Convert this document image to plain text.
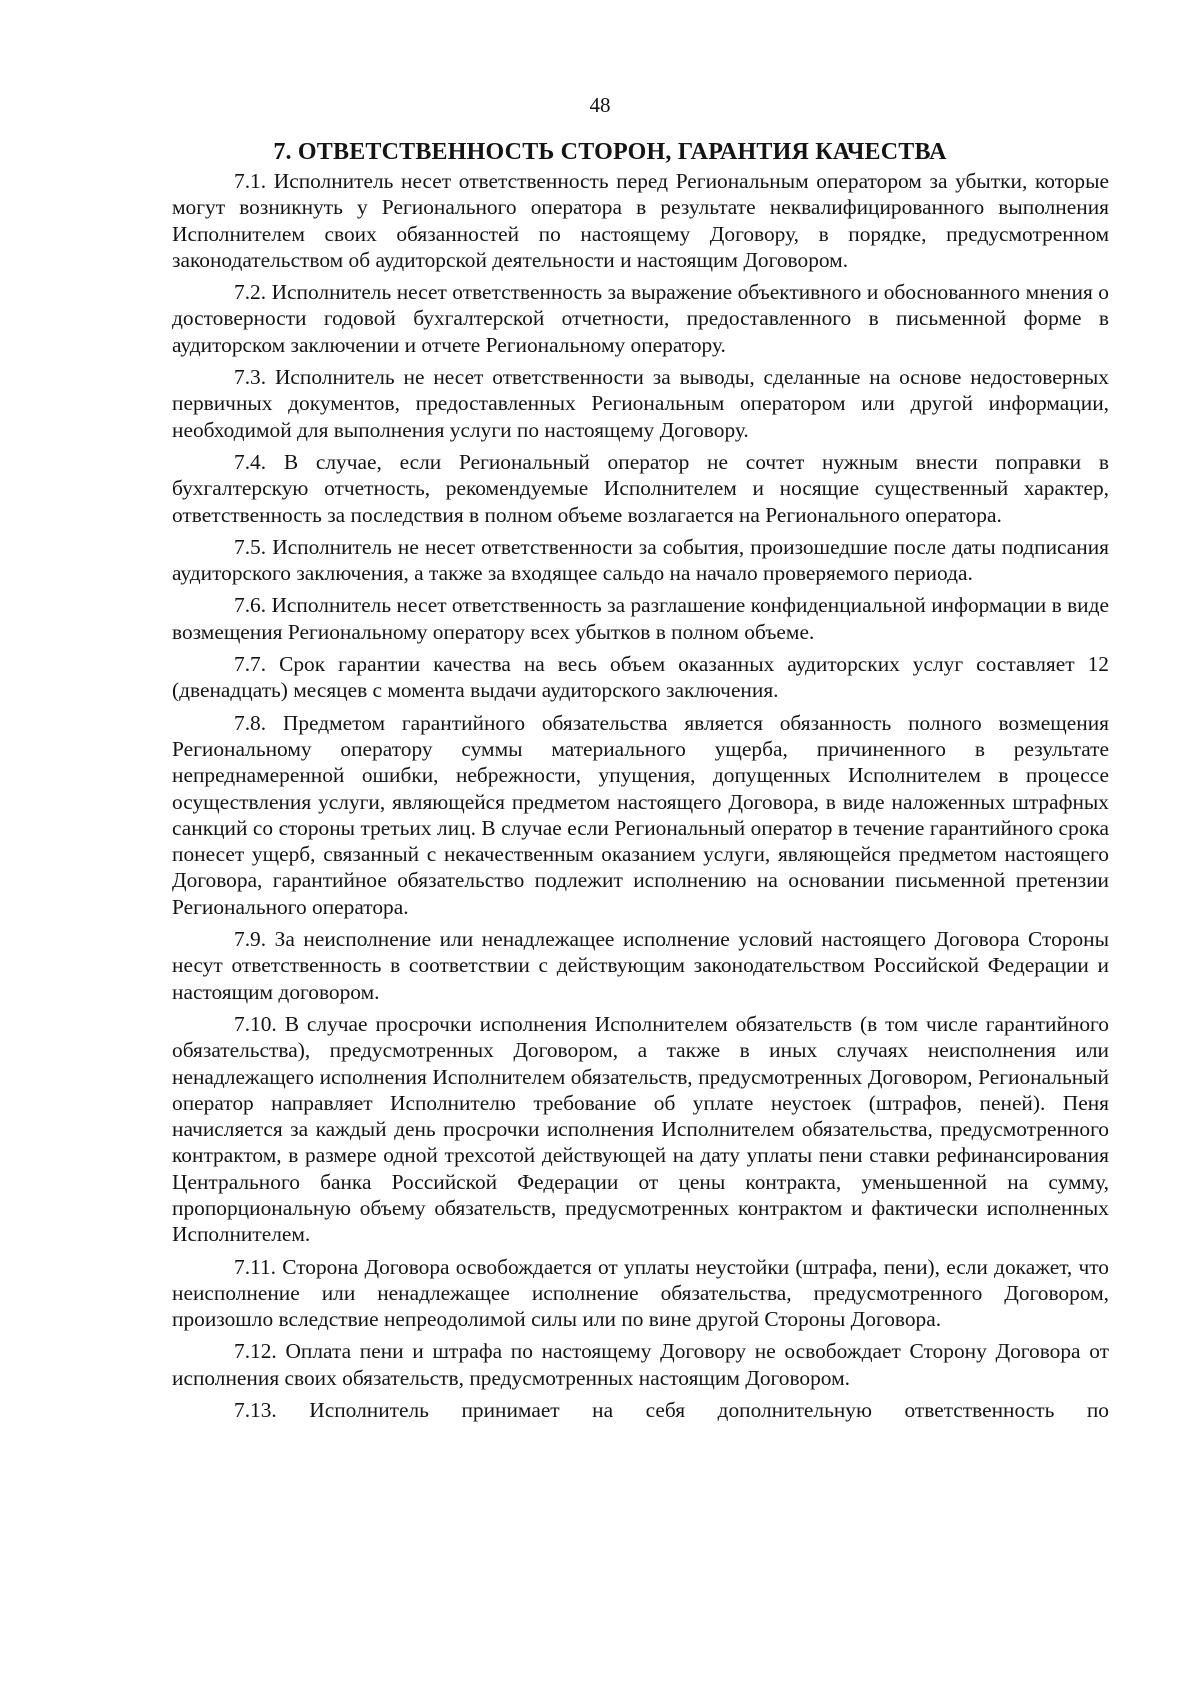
48
7. ОТВЕТСТВЕННОСТЬ СТОРОН, ГАРАНТИЯ КАЧЕСТВА

7.1. Исполнитель несет ответственность перед Региональным оператором за убытки, которые могут возникнуть у Регионального оператора в результате неквалифицированного выполнения Исполнителем своих обязанностей по настоящему Договору, в порядке, предусмотренном законодательством об аудиторской деятельности и настоящим Договором.

7.2. Исполнитель несет ответственность за выражение объективного и обоснованного мнения о достоверности годовой бухгалтерской отчетности, предоставленного в письменной форме в аудиторском заключении и отчете Региональному оператору.

7.3. Исполнитель не несет ответственности за выводы, сделанные на основе недостоверных первичных документов, предоставленных Региональным оператором или другой информации, необходимой для выполнения услуги по настоящему Договору.

7.4. В случае, если Региональный оператор не сочтет нужным внести поправки в бухгалтерскую отчетность, рекомендуемые Исполнителем и носящие существенный характер, ответственность за последствия в полном объеме возлагается на Регионального оператора.

7.5. Исполнитель не несет ответственности за события, произошедшие после даты подписания аудиторского заключения, а также за входящее сальдо на начало проверяемого периода.

7.6. Исполнитель несет ответственность за разглашение конфиденциальной информации в виде возмещения Региональному оператору всех убытков в полном объеме.

7.7. Срок гарантии качества на весь объем оказанных аудиторских услуг составляет 12 (двенадцать) месяцев с момента выдачи аудиторского заключения.

7.8. Предметом гарантийного обязательства является обязанность полного возмещения Региональному оператору суммы материального ущерба, причиненного в результате непреднамеренной ошибки, небрежности, упущения, допущенных Исполнителем в процессе осуществления услуги, являющейся предметом настоящего Договора, в виде наложенных штрафных санкций со стороны третьих лиц. В случае если Региональный оператор в течение гарантийного срока понесет ущерб, связанный с некачественным оказанием услуги, являющейся предметом настоящего Договора, гарантийное обязательство подлежит исполнению на основании письменной претензии Регионального оператора.

7.9. За неисполнение или ненадлежащее исполнение условий настоящего Договора Стороны несут ответственность в соответствии с действующим законодательством Российской Федерации и настоящим договором.

7.10. В случае просрочки исполнения Исполнителем обязательств (в том числе гарантийного обязательства), предусмотренных Договором, а также в иных случаях неисполнения или ненадлежащего исполнения Исполнителем обязательств, предусмотренных Договором, Региональный оператор направляет Исполнителю требование об уплате неустоек (штрафов, пеней). Пеня начисляется за каждый день просрочки исполнения Исполнителем обязательства, предусмотренного контрактом, в размере одной трехсотой действующей на дату уплаты пени ставки рефинансирования Центрального банка Российской Федерации от цены контракта, уменьшенной на сумму, пропорциональную объему обязательств, предусмотренных контрактом и фактически исполненных Исполнителем.

7.11. Сторона Договора освобождается от уплаты неустойки (штрафа, пени), если докажет, что неисполнение или ненадлежащее исполнение обязательства, предусмотренного Договором, произошло вследствие непреодолимой силы или по вине другой Стороны Договора.

7.12. Оплата пени и штрафа по настоящему Договору не освобождает Сторону Договора от исполнения своих обязательств, предусмотренных настоящим Договором.

7.13. Исполнитель принимает на себя дополнительную ответственность по
